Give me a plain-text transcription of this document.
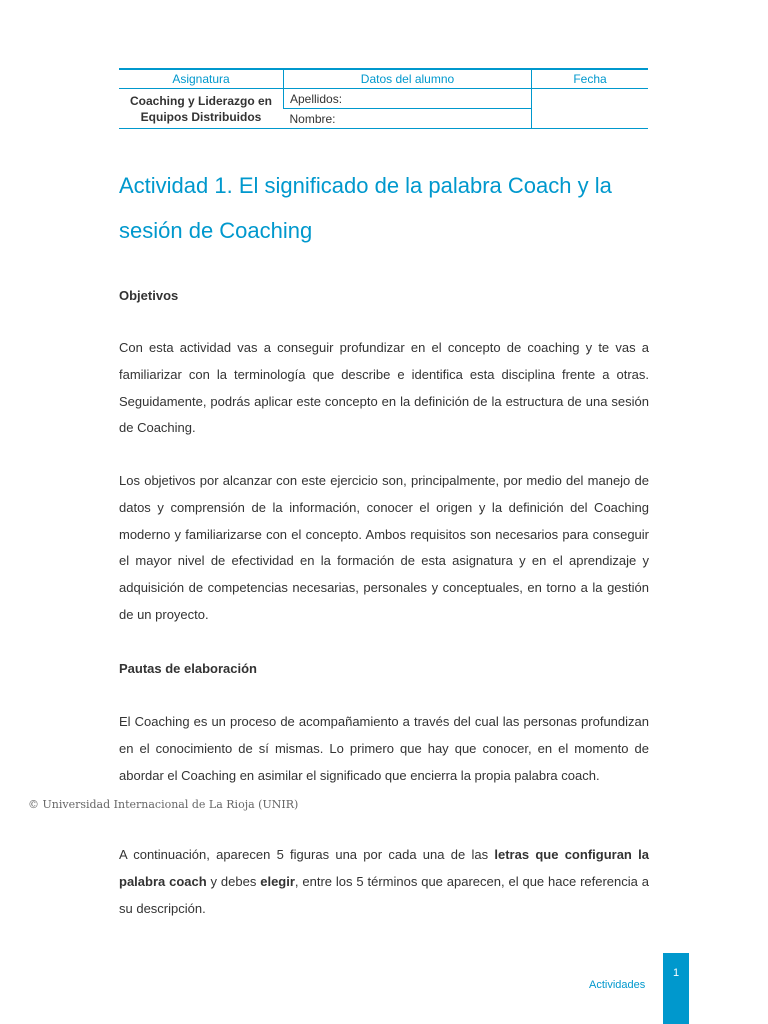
Asignatura	Datos del alumno	Fecha
Coaching y Liderazgo en
Equipos Distribuidos	Apellidos:	
	Nombre:	
Actividad 1. El significado de la palabra Coach y la
sesión de Coaching
Objetivos

Con esta actividad vas a conseguir profundizar en el concepto de coaching y te vas a familiarizar con la terminología que describe e identifica esta disciplina frente a otras. Seguidamente, podrás aplicar este concepto en la definición de la estructura de una sesión de Coaching.

Los objetivos por alcanzar con este ejercicio son, principalmente, por medio del manejo de datos y comprensión de la información, conocer el origen y la definición del Coaching moderno y familiarizarse con el concepto. Ambos requisitos son necesarios para conseguir el mayor nivel de efectividad en la formación de esta asignatura y en el aprendizaje y adquisición de competencias necesarias, personales y conceptuales, en torno a la gestión de un proyecto.

Pautas de elaboración

El Coaching es un proceso de acompañamiento a través del cual las personas profundizan en el conocimiento de sí mismas. Lo primero que hay que conocer, en el momento de abordar el Coaching en asimilar el significado que encierra la propia palabra coach.

A continuación, aparecen 5 figuras una por cada una de las letras que configuran la palabra coach y debes elegir, entre los 5 términos que aparecen, el que hace referencia a su descripción.

© Universidad Internacional de La Rioja (UNIR)
Actividades
1
